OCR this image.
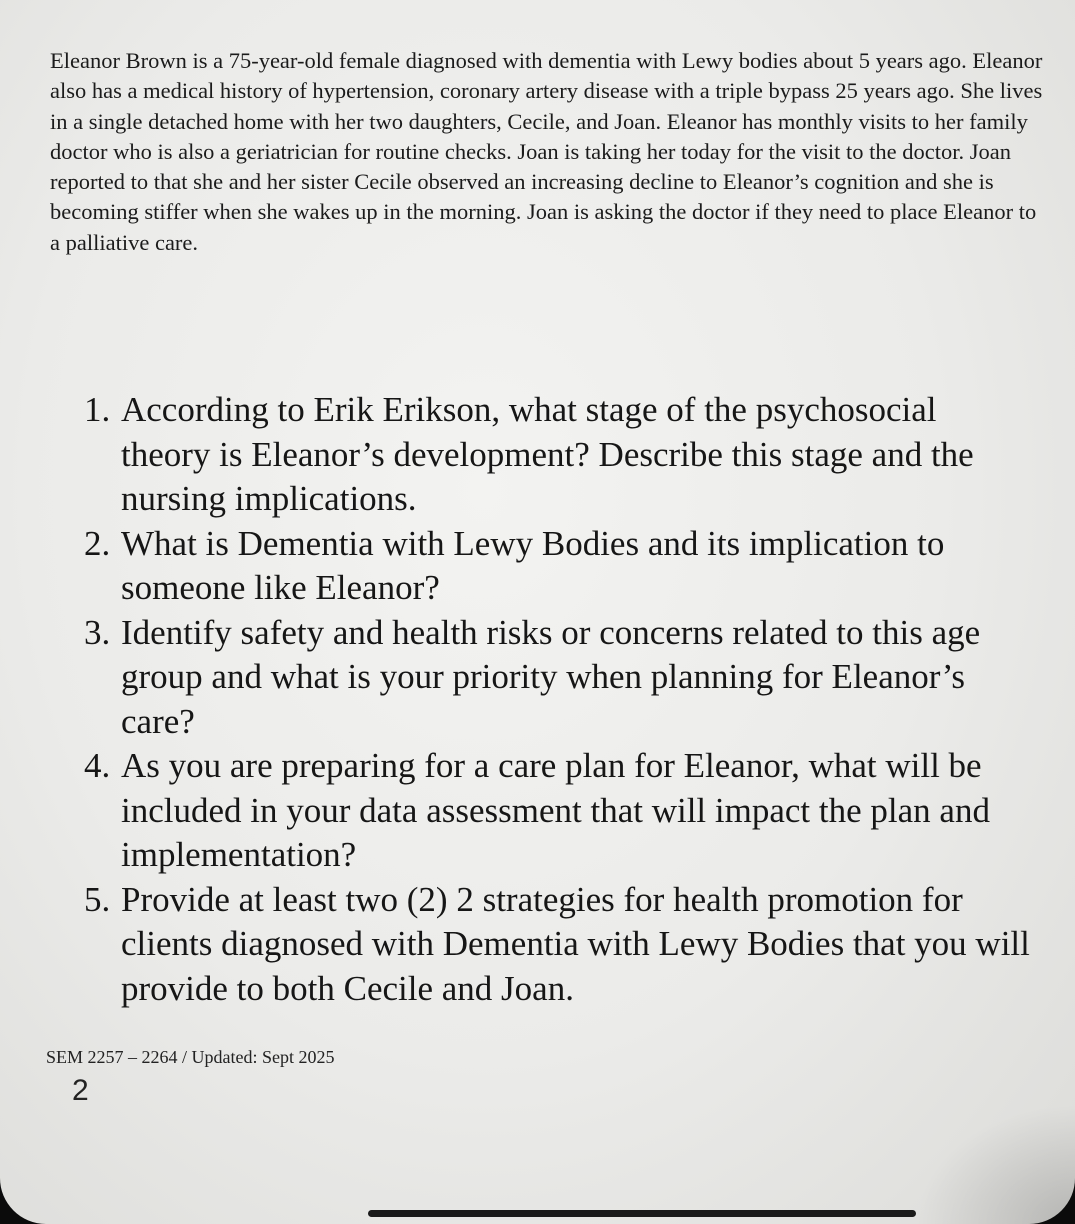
Eleanor Brown is a 75-year-old female diagnosed with dementia with Lewy bodies about 5 years ago. Eleanor also has a medical history of hypertension, coronary artery disease with a triple bypass 25 years ago. She lives in a single detached home with her two daughters, Cecile, and Joan. Eleanor has monthly visits to her family doctor who is also a geriatrician for routine checks. Joan is taking her today for the visit to the doctor. Joan reported to that she and her sister Cecile observed an increasing decline to Eleanor’s cognition and she is becoming stiffer when she wakes up in the morning. Joan is asking the doctor if they need to place Eleanor to a palliative care.

1. According to Erik Erikson, what stage of the psychosocial theory is Eleanor’s development? Describe this stage and the nursing implications.
2. What is Dementia with Lewy Bodies and its implication to someone like Eleanor?
3. Identify safety and health risks or concerns related to this age group and what is your priority when planning for Eleanor’s care?
4. As you are preparing for a care plan for Eleanor, what will be included in your data assessment that will impact the plan and implementation?
5. Provide at least two (2) 2 strategies for health promotion for clients diagnosed with Dementia with Lewy Bodies that you will provide to both Cecile and Joan.
SEM 2257 – 2264 / Updated: Sept 2025
2
